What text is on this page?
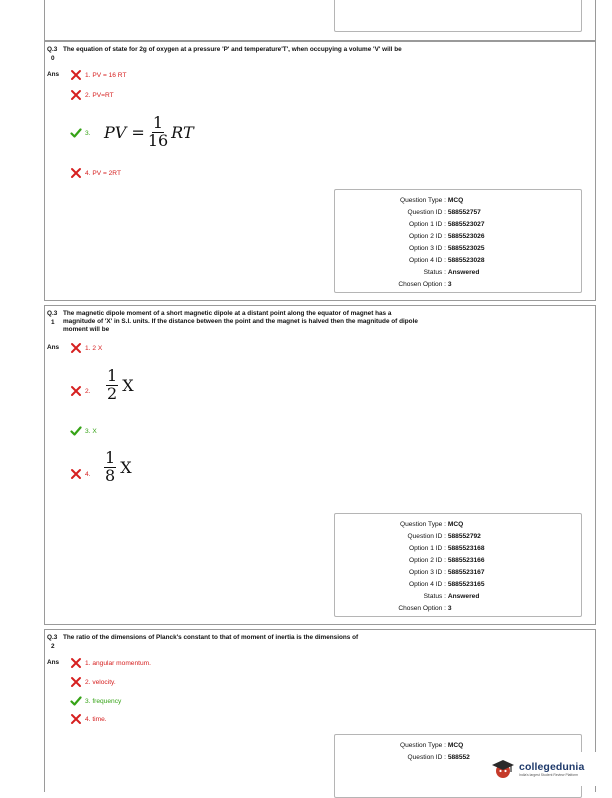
Q.3
0
The equation of state for 2g of oxygen at a pressure 'P' and temperature'T', when occupying a volume 'V' will be
Ans	1. PV = 16 RT
2. PV=RT
3. PV = $\frac{1}{16}$ RT
4. PV = 2RT
Question Type : MCQ
Question ID : 588552757
Option 1 ID : 5885523027
Option 2 ID : 5885523026
Option 3 ID : 5885523025
Option 4 ID : 5885523028
Status : Answered
Chosen Option : 3
Q.3
1
The magnetic dipole moment of a short magnetic dipole at a distant point along the equator of magnet has a magnitude of 'X' in S.I. units. If the distance between the point and the magnet is halved then the magnitude of dipole moment will be
Ans	1. 2 X
2. $\frac{1}{2}$ X
3. X
4. $\frac{1}{8}$ X
Question Type : MCQ
Question ID : 588552792
Option 1 ID : 5885523168
Option 2 ID : 5885523166
Option 3 ID : 5885523167
Option 4 ID : 5885523165
Status : Answered
Chosen Option : 3
Q.3
2
The ratio of the dimensions of Planck's constant to that of moment of inertia is the dimensions of
Ans	1. angular momentum.
2. velocity.
3. frequency
4. time.
Question Type : MCQ
Question ID : 588552
collegedunia
India's largest Student Review Platform
